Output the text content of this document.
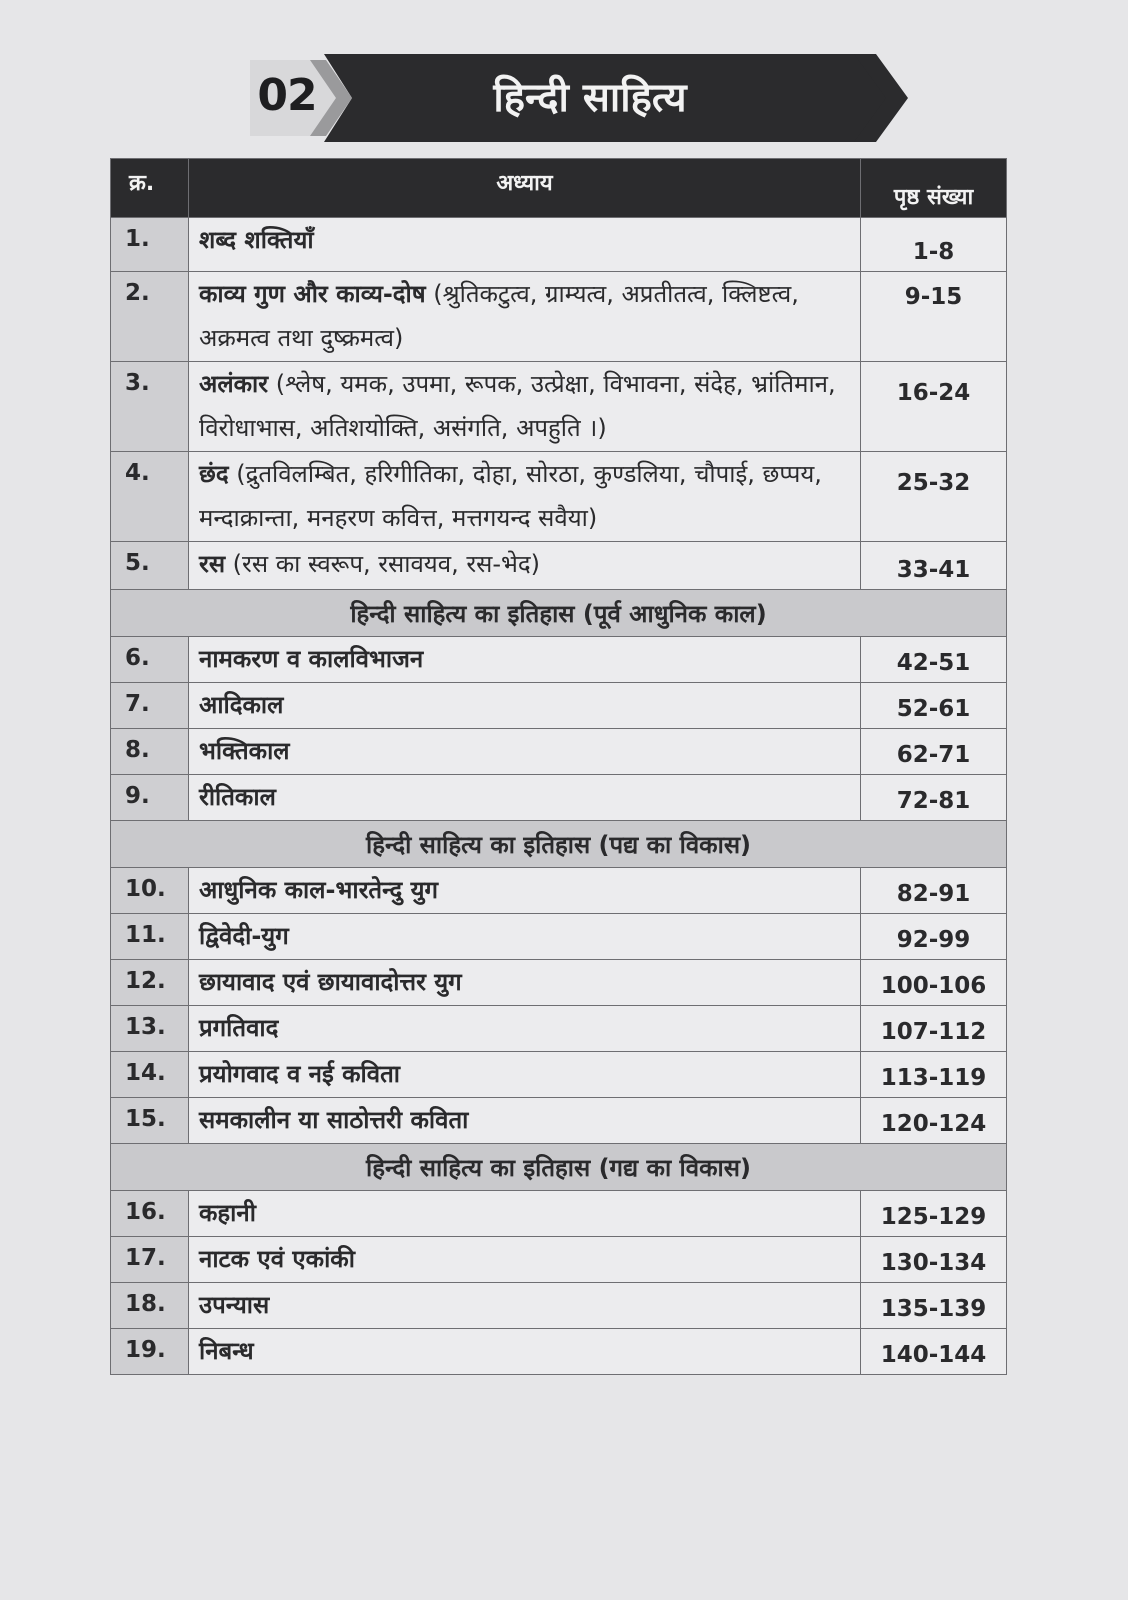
02	हिन्दी साहित्य
क्र.	अध्याय	पृष्ठ संख्या
1.	शब्द शक्तियाँ	1-8
2.	काव्य गुण और काव्य-दोष (श्रुतिकटुत्व, ग्राम्यत्व, अप्रतीतत्व, क्लिष्टत्व, अक्रमत्व तथा दुष्क्रमत्व)	9-15
3.	अलंकार (श्लेष, यमक, उपमा, रूपक, उत्प्रेक्षा, विभावना, संदेह, भ्रांतिमान, विरोधाभास, अतिशयोक्ति, असंगति, अपहुति ।)	16-24
4.	छंद (द्रुतविलम्बित, हरिगीतिका, दोहा, सोरठा, कुण्डलिया, चौपाई, छप्पय, मन्दाक्रान्ता, मनहरण कवित्त, मत्तगयन्द सवैया)	25-32
5.	रस (रस का स्वरूप, रसावयव, रस-भेद)	33-41
हिन्दी साहित्य का इतिहास (पूर्व आधुनिक काल)		
6.	नामकरण व कालविभाजन	42-51
7.	आदिकाल	52-61
8.	भक्तिकाल	62-71
9.	रीतिकाल	72-81
हिन्दी साहित्य का इतिहास (पद्य का विकास)		
10.	आधुनिक काल-भारतेन्दु युग	82-91
11.	द्विवेदी-युग	92-99
12.	छायावाद एवं छायावादोत्तर युग	100-106
13.	प्रगतिवाद	107-112
14.	प्रयोगवाद व नई कविता	113-119
15.	समकालीन या साठोत्तरी कविता	120-124
हिन्दी साहित्य का इतिहास (गद्य का विकास)		
16.	कहानी	125-129
17.	नाटक एवं एकांकी	130-134
18.	उपन्यास	135-139
19.	निबन्ध	140-144
